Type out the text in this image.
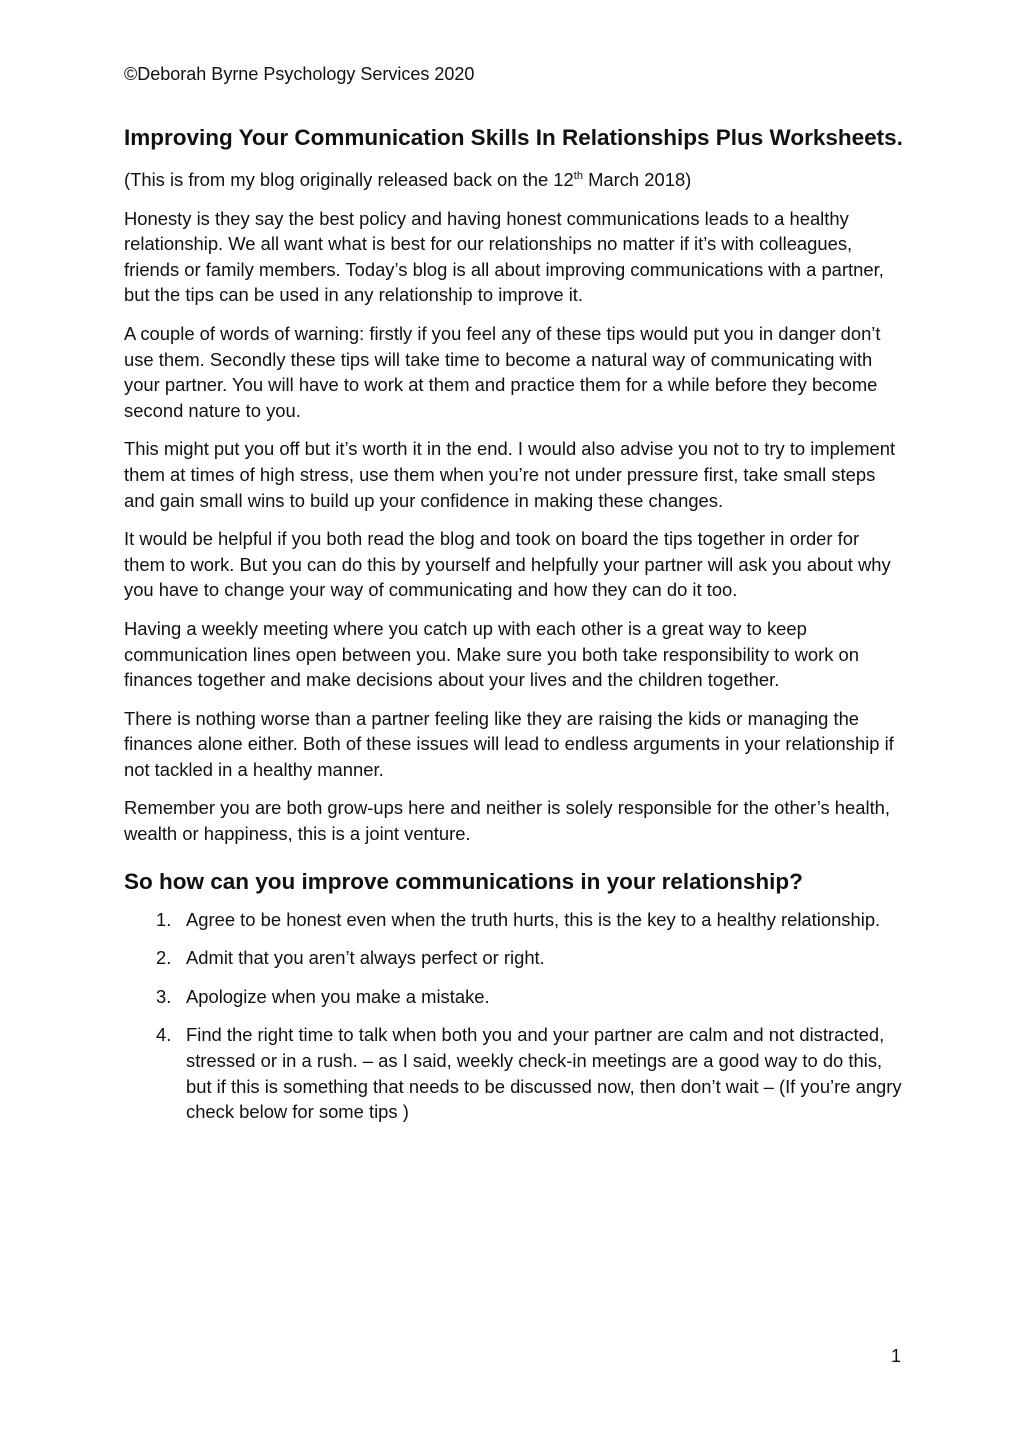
©Deborah Byrne Psychology Services 2020
Improving Your Communication Skills In Relationships Plus Worksheets.

(This is from my blog originally released back on the 12th March 2018)

Honesty is they say the best policy and having honest communications leads to a healthy relationship. We all want what is best for our relationships no matter if it’s with colleagues, friends or family members. Today’s blog is all about improving communications with a partner, but the tips can be used in any relationship to improve it.

A couple of words of warning: firstly if you feel any of these tips would put you in danger don’t use them. Secondly these tips will take time to become a natural way of communicating with your partner. You will have to work at them and practice them for a while before they become second nature to you.

This might put you off but it’s worth it in the end. I would also advise you not to try to implement them at times of high stress, use them when you’re not under pressure first, take small steps and gain small wins to build up your confidence in making these changes.

It would be helpful if you both read the blog and took on board the tips together in order for them to work. But you can do this by yourself and helpfully your partner will ask you about why you have to change your way of communicating and how they can do it too.

Having a weekly meeting where you catch up with each other is a great way to keep communication lines open between you. Make sure you both take responsibility to work on finances together and make decisions about your lives and the children together.

There is nothing worse than a partner feeling like they are raising the kids or managing the finances alone either. Both of these issues will lead to endless arguments in your relationship if not tackled in a healthy manner.

Remember you are both grow-ups here and neither is solely responsible for the other’s health, wealth or happiness, this is a joint venture.

So how can you improve communications in your relationship?
1. Agree to be honest even when the truth hurts, this is the key to a healthy relationship.
2. Admit that you aren’t always perfect or right.
3. Apologize when you make a mistake.
4. Find the right time to talk when both you and your partner are calm and not distracted, stressed or in a rush. – as I said, weekly check-in meetings are a good way to do this, but if this is something that needs to be discussed now, then don’t wait – (If you’re angry check below for some tips )
1
